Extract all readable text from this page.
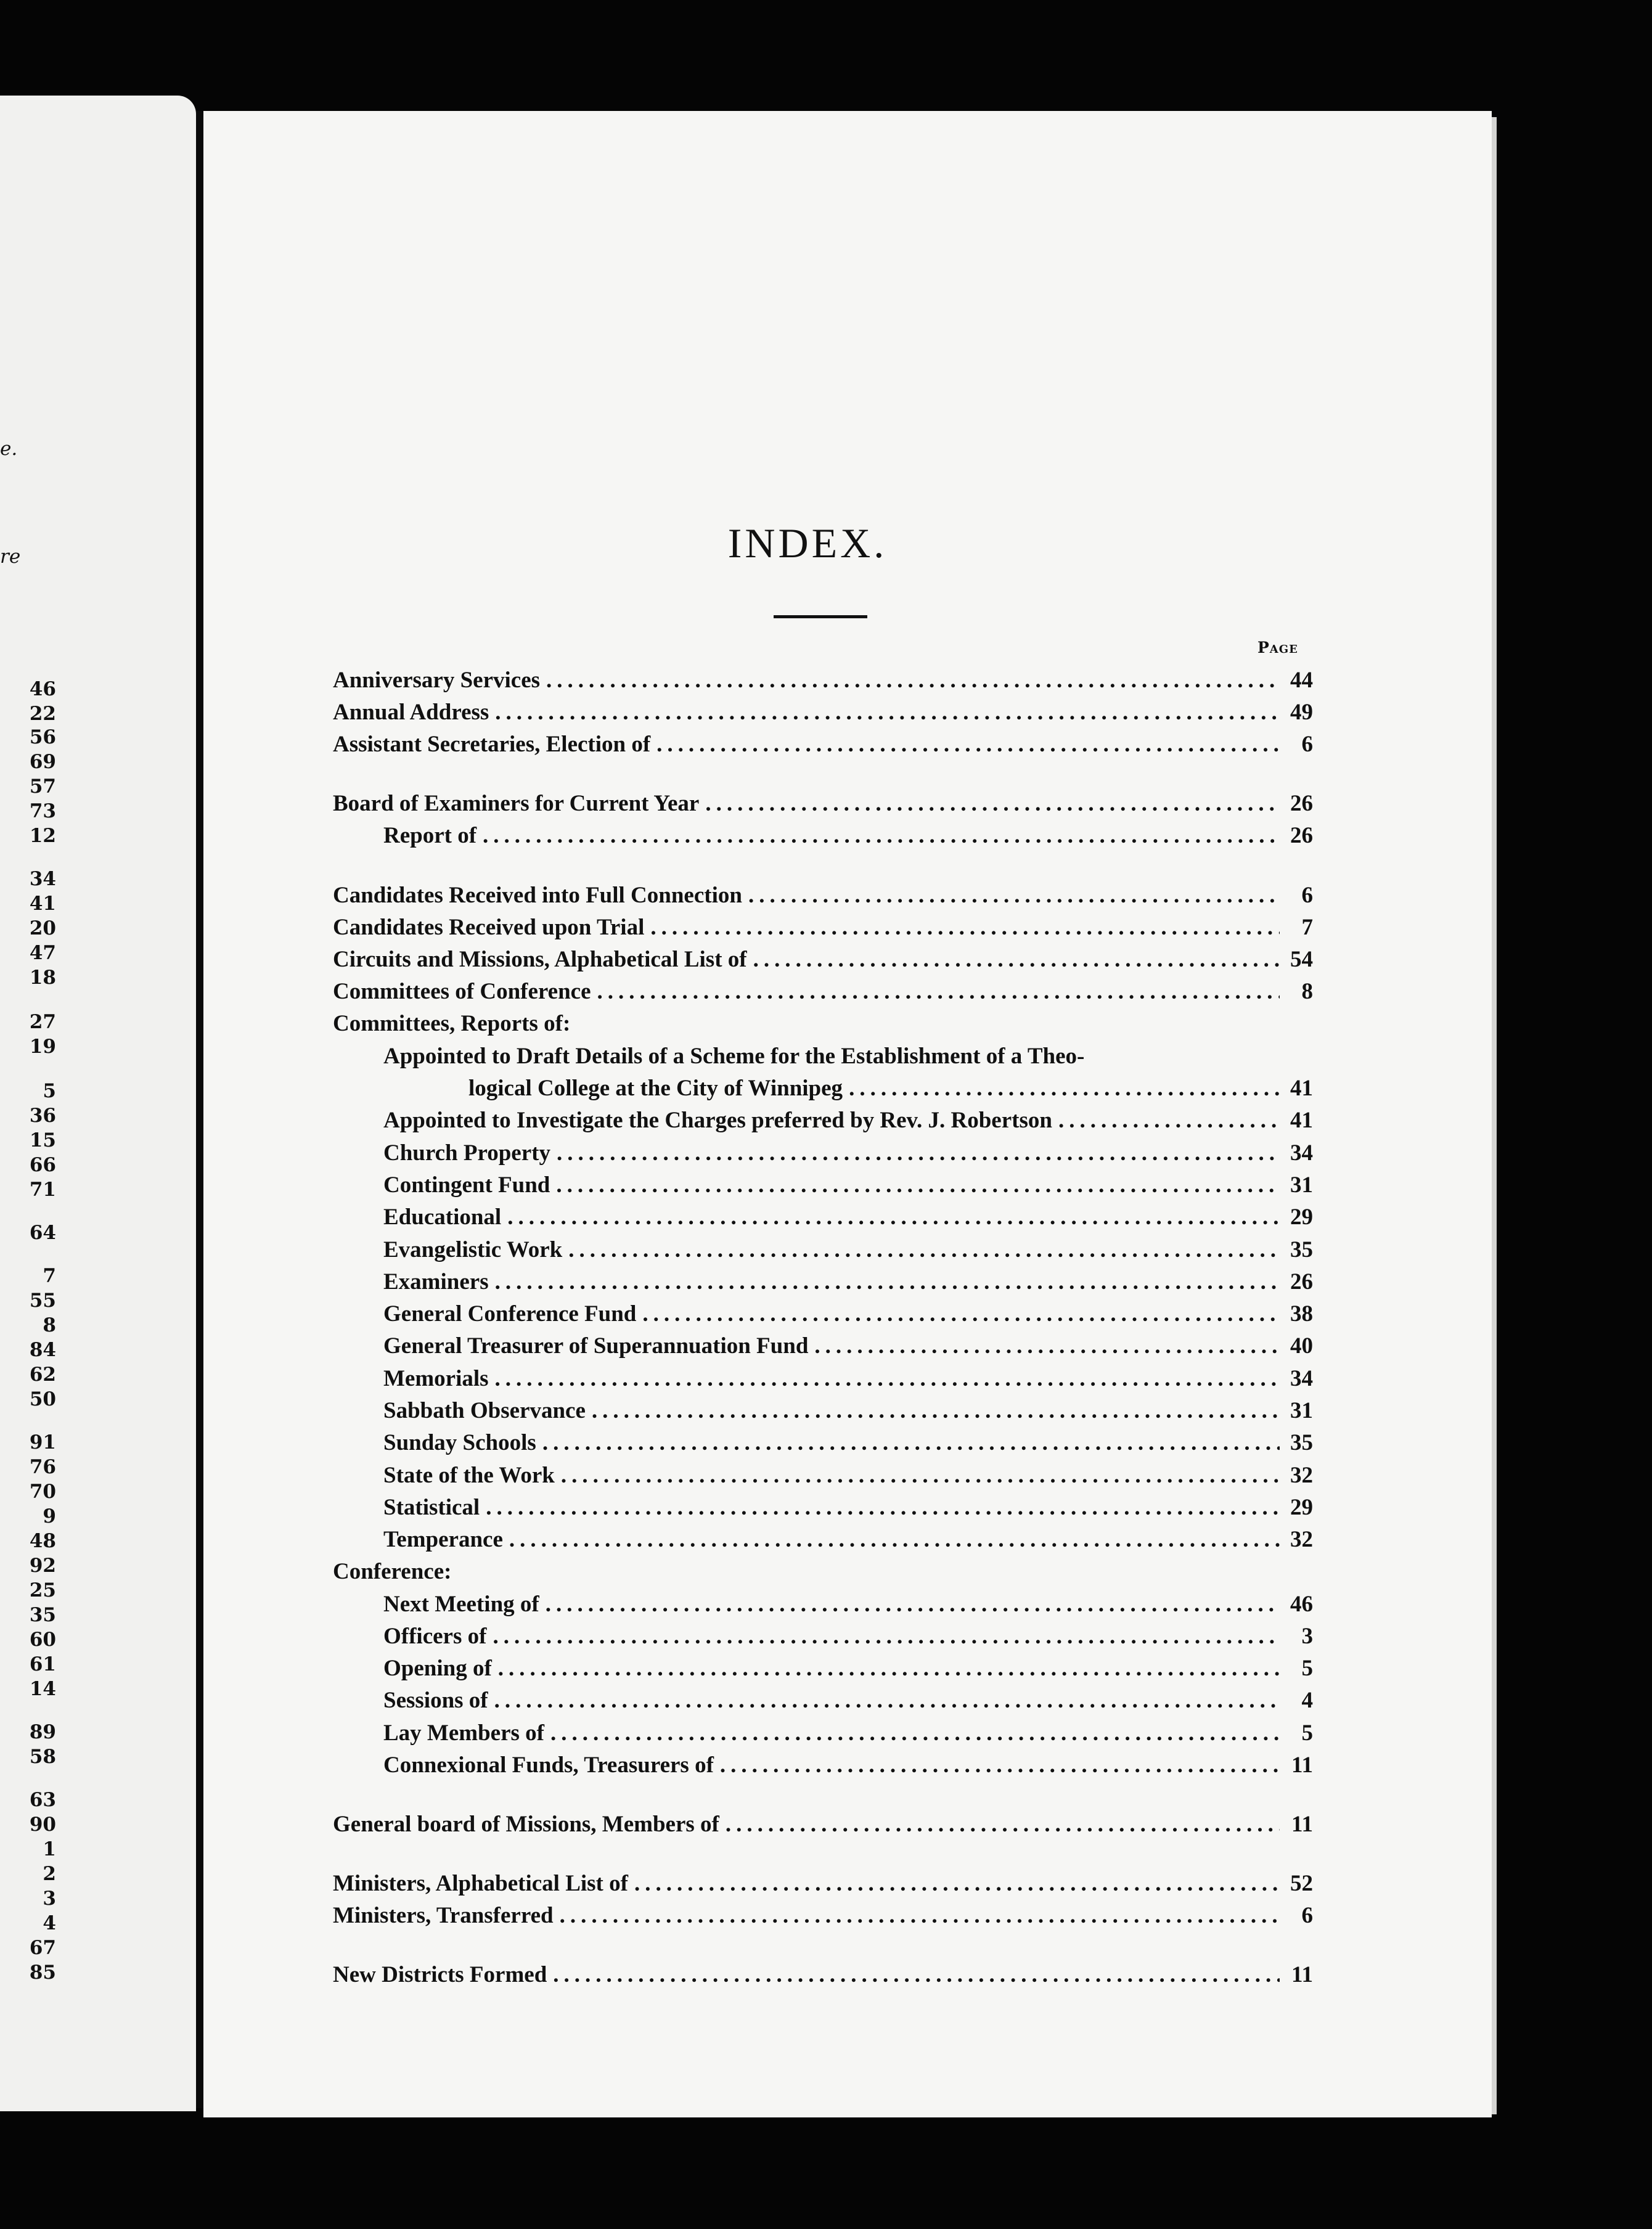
e.
re
46
22
56
69
57
73
12
34
41
20
47
18
27
19
5
36
15
66
71
64
7
55
8
84
62
50
91
76
70
9
48
92
25
35
60
61
14
89
58
63
90
1
2
3
4
67
85
INDEX.
Page
Anniversary Services .....	44
Annual Address .....	49
Assistant Secretaries, Election of .....	6
Board of Examiners for Current Year .....	26
Report of .....	26
Candidates Received into Full Connection .....	6
Candidates Received upon Trial .....	7
Circuits and Missions, Alphabetical List of .....	54
Committees of Conference .....	8
Committees, Reports of:
Appointed to Draft Details of a Scheme for the Establishment of a Theo-
logical College at the City of Winnipeg .....	41
Appointed to Investigate the Charges preferred by Rev. J. Robertson .....	41
Church Property .....	34
Contingent Fund .....	31
Educational .....	29
Evangelistic Work .....	35
Examiners .....	26
General Conference Fund .....	38
General Treasurer of Superannuation Fund .....	40
Memorials .....	34
Sabbath Observance .....	31
Sunday Schools .....	35
State of the Work .....	32
Statistical .....	29
Temperance .....	32
Conference:
Next Meeting of .....	46
Officers of .....	3
Opening of .....	5
Sessions of .....	4
Lay Members of .....	5
Connexional Funds, Treasurers of .....	11
General board of Missions, Members of .....	11
Ministers, Alphabetical List of .....	52
Ministers, Transferred .....	6
New Districts Formed .....	11
